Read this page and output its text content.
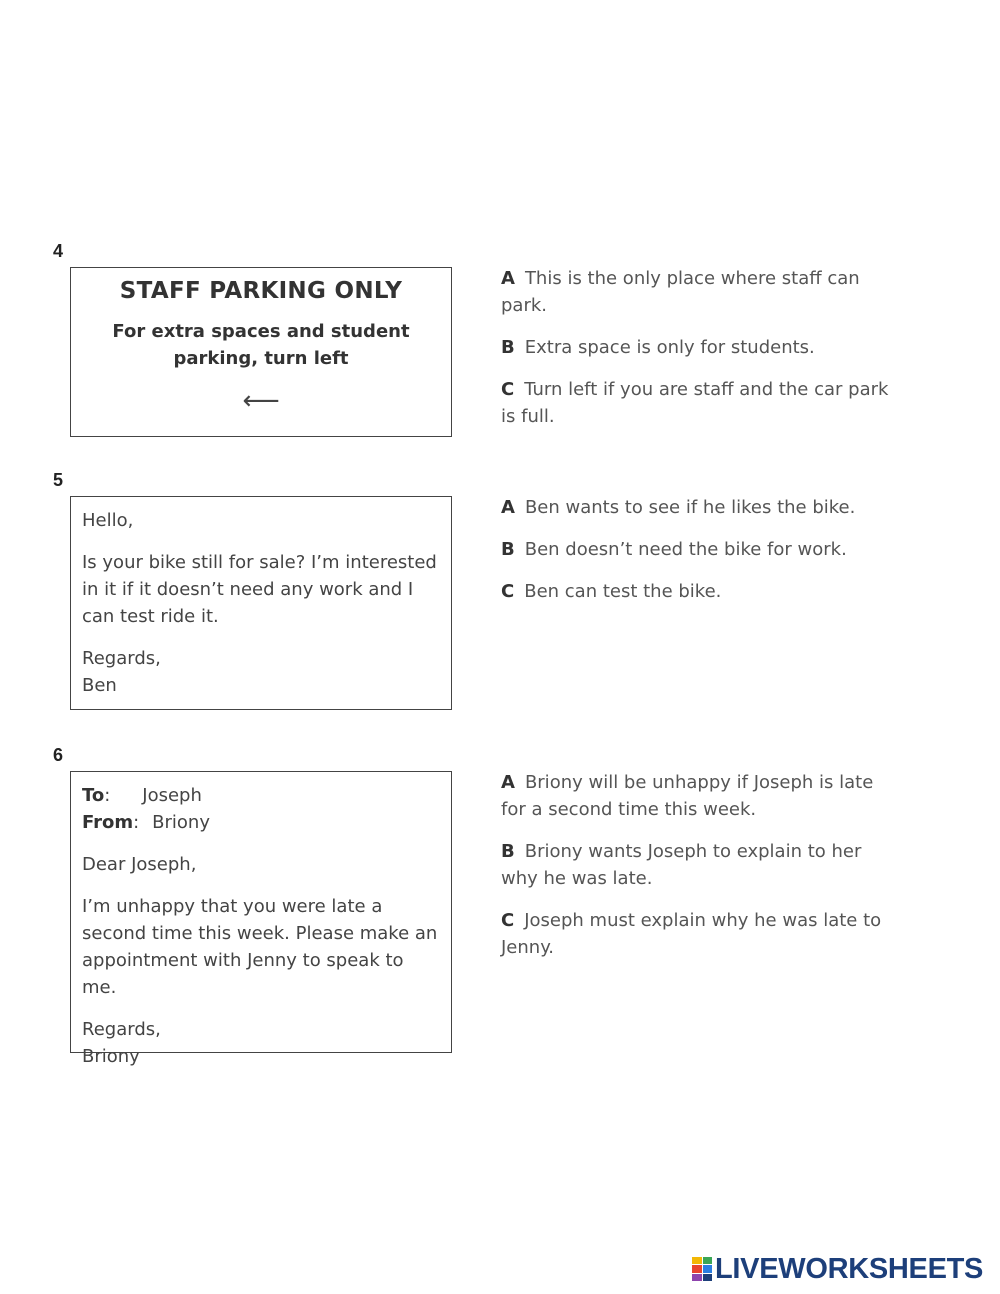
4
STAFF PARKING ONLY
For extra spaces and student
parking, turn left
⟵

A This is the only place where staff can park.

B Extra space is only for students.

C Turn left if you are staff and the car park is full.

5

Hello,

Is your bike still for sale? I’m interested in it if it doesn’t need any work and I can test ride it.

Regards,
Ben

A Ben wants to see if he likes the bike.

B Ben doesn’t need the bike for work.

C Ben can test the bike.

6

To: Joseph
From: Briony

Dear Joseph,

I’m unhappy that you were late a second time this week. Please make an appointment with Jenny to speak to me.

Regards,
Briony

A Briony will be unhappy if Joseph is late for a second time this week.

B Briony wants Joseph to explain to her why he was late.

C Joseph must explain why he was late to Jenny.

LIVEWORKSHEETS
